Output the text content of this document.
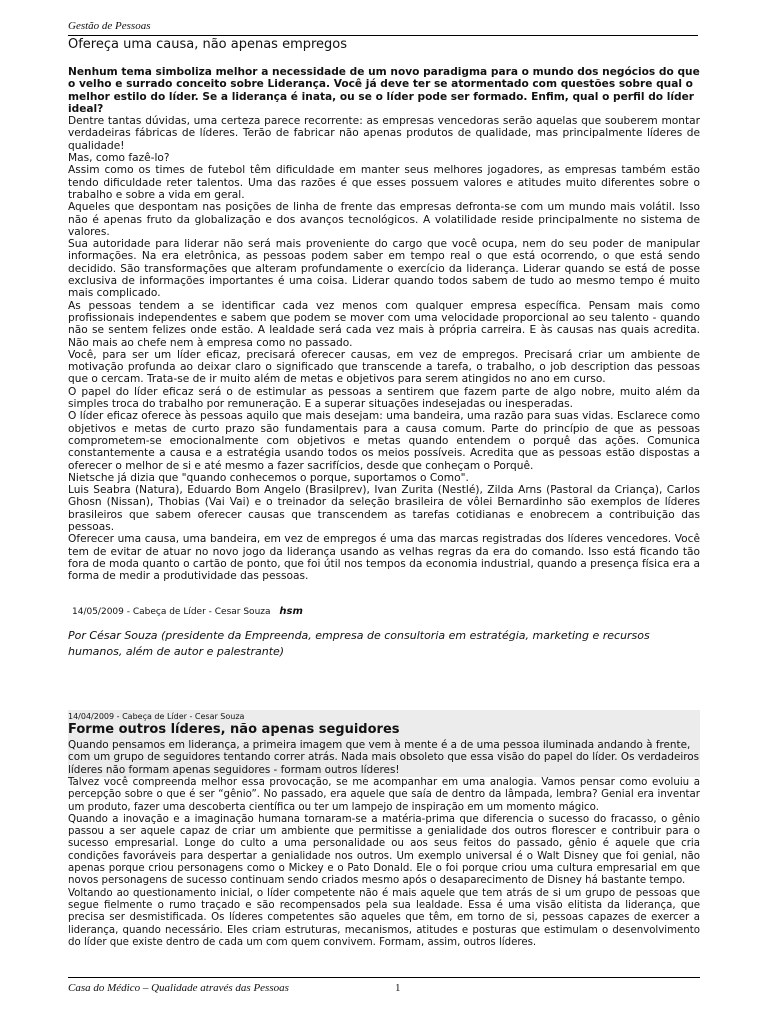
Gestão de Pessoas
Ofereça uma causa, não apenas empregos

Nenhum tema simboliza melhor a necessidade de um novo paradigma para o mundo dos negócios do que o velho e surrado conceito sobre Liderança. Você já deve ter se atormentado com questões sobre qual o melhor estilo do líder. Se a liderança é inata, ou se o líder pode ser formado. Enfim, qual o perfil do líder ideal?

Dentre tantas dúvidas, uma certeza parece recorrente: as empresas vencedoras serão aquelas que souberem montar verdadeiras fábricas de líderes. Terão de fabricar não apenas produtos de qualidade, mas principalmente líderes de qualidade!

Mas, como fazê-lo?

Assim como os times de futebol têm dificuldade em manter seus melhores jogadores, as empresas também estão tendo dificuldade reter talentos. Uma das razões é que esses possuem valores e atitudes muito diferentes sobre o trabalho e sobre a vida em geral.

Aqueles que despontam nas posições de linha de frente das empresas defronta-se com um mundo mais volátil. Isso não é apenas fruto da globalização e dos avanços tecnológicos. A volatilidade reside principalmente no sistema de valores.

Sua autoridade para liderar não será mais proveniente do cargo que você ocupa, nem do seu poder de manipular informações. Na era eletrônica, as pessoas podem saber em tempo real o que está ocorrendo, o que está sendo decidido. São transformações que alteram profundamente o exercício da liderança. Liderar quando se está de posse exclusiva de informações importantes é uma coisa. Liderar quando todos sabem de tudo ao mesmo tempo é muito mais complicado.

As pessoas tendem a se identificar cada vez menos com qualquer empresa específica. Pensam mais como profissionais independentes e sabem que podem se mover com uma velocidade proporcional ao seu talento - quando não se sentem felizes onde estão. A lealdade será cada vez mais à própria carreira. E às causas nas quais acredita. Não mais ao chefe nem à empresa como no passado.

Você, para ser um líder eficaz, precisará oferecer causas, em vez de empregos. Precisará criar um ambiente de motivação profunda ao deixar claro o significado que transcende a tarefa, o trabalho, o job description das pessoas que o cercam. Trata-se de ir muito além de metas e objetivos para serem atingidos no ano em curso.

O papel do líder eficaz será o de estimular as pessoas a sentirem que fazem parte de algo nobre, muito além da simples troca do trabalho por remuneração. E a superar situações indesejadas ou inesperadas.

O líder eficaz oferece às pessoas aquilo que mais desejam: uma bandeira, uma razão para suas vidas. Esclarece como objetivos e metas de curto prazo são fundamentais para a causa comum. Parte do princípio de que as pessoas comprometem-se emocionalmente com objetivos e metas quando entendem o porquê das ações. Comunica constantemente a causa e a estratégia usando todos os meios possíveis. Acredita que as pessoas estão dispostas a oferecer o melhor de si e até mesmo a fazer sacrifícios, desde que conheçam o Porquê.

Nietsche já dizia que "quando conhecemos o porque, suportamos o Como".

Luis Seabra (Natura), Eduardo Bom Angelo (Brasilprev), Ivan Zurita (Nestlé), Zilda Arns (Pastoral da Criança), Carlos Ghosn (Nissan), Thobias (Vai Vai) e o treinador da seleção brasileira de vôlei Bernardinho são exemplos de líderes brasileiros que sabem oferecer causas que transcendem as tarefas cotidianas e enobrecem a contribuição das pessoas.

Oferecer uma causa, uma bandeira, em vez de empregos é uma das marcas registradas dos líderes vencedores. Você tem de evitar de atuar no novo jogo da liderança usando as velhas regras da era do comando. Isso está ficando tão fora de moda quanto o cartão de ponto, que foi útil nos tempos da economia industrial, quando a presença física era a forma de medir a produtividade das pessoas.

14/05/2009 - Cabeça de Líder - Cesar Souza hsm
Por César Souza (presidente da Empreenda, empresa de consultoria em estratégia, marketing e recursos humanos, além de autor e palestrante)
14/04/2009 - Cabeça de Líder - Cesar Souza
Forme outros líderes, não apenas seguidores
Quando pensamos em liderança, a primeira imagem que vem à mente é a de uma pessoa iluminada andando à frente, com um grupo de seguidores tentando correr atrás. Nada mais obsoleto que essa visão do papel do líder. Os verdadeiros líderes não formam apenas seguidores - formam outros líderes!

Talvez você compreenda melhor essa provocação, se me acompanhar em uma analogia. Vamos pensar como evoluiu a percepção sobre o que é ser “gênio”. No passado, era aquele que saía de dentro da lâmpada, lembra? Genial era inventar um produto, fazer uma descoberta científica ou ter um lampejo de inspiração em um momento mágico.

Quando a inovação e a imaginação humana tornaram-se a matéria-prima que diferencia o sucesso do fracasso, o gênio passou a ser aquele capaz de criar um ambiente que permitisse a genialidade dos outros florescer e contribuir para o sucesso empresarial. Longe do culto a uma personalidade ou aos seus feitos do passado, gênio é aquele que cria condições favoráveis para despertar a genialidade nos outros. Um exemplo universal é o Walt Disney que foi genial, não apenas porque criou personagens como o Mickey e o Pato Donald. Ele o foi porque criou uma cultura empresarial em que novos personagens de sucesso continuam sendo criados mesmo após o desaparecimento de Disney há bastante tempo.

Voltando ao questionamento inicial, o líder competente não é mais aquele que tem atrás de si um grupo de pessoas que segue fielmente o rumo traçado e são recompensados pela sua lealdade. Essa é uma visão elitista da liderança, que precisa ser desmistificada. Os líderes competentes são aqueles que têm, em torno de si, pessoas capazes de exercer a liderança, quando necessário. Eles criam estruturas, mecanismos, atitudes e posturas que estimulam o desenvolvimento do líder que existe dentro de cada um com quem convivem. Formam, assim, outros líderes.

Casa do Médico – Qualidade através das Pessoas	1
